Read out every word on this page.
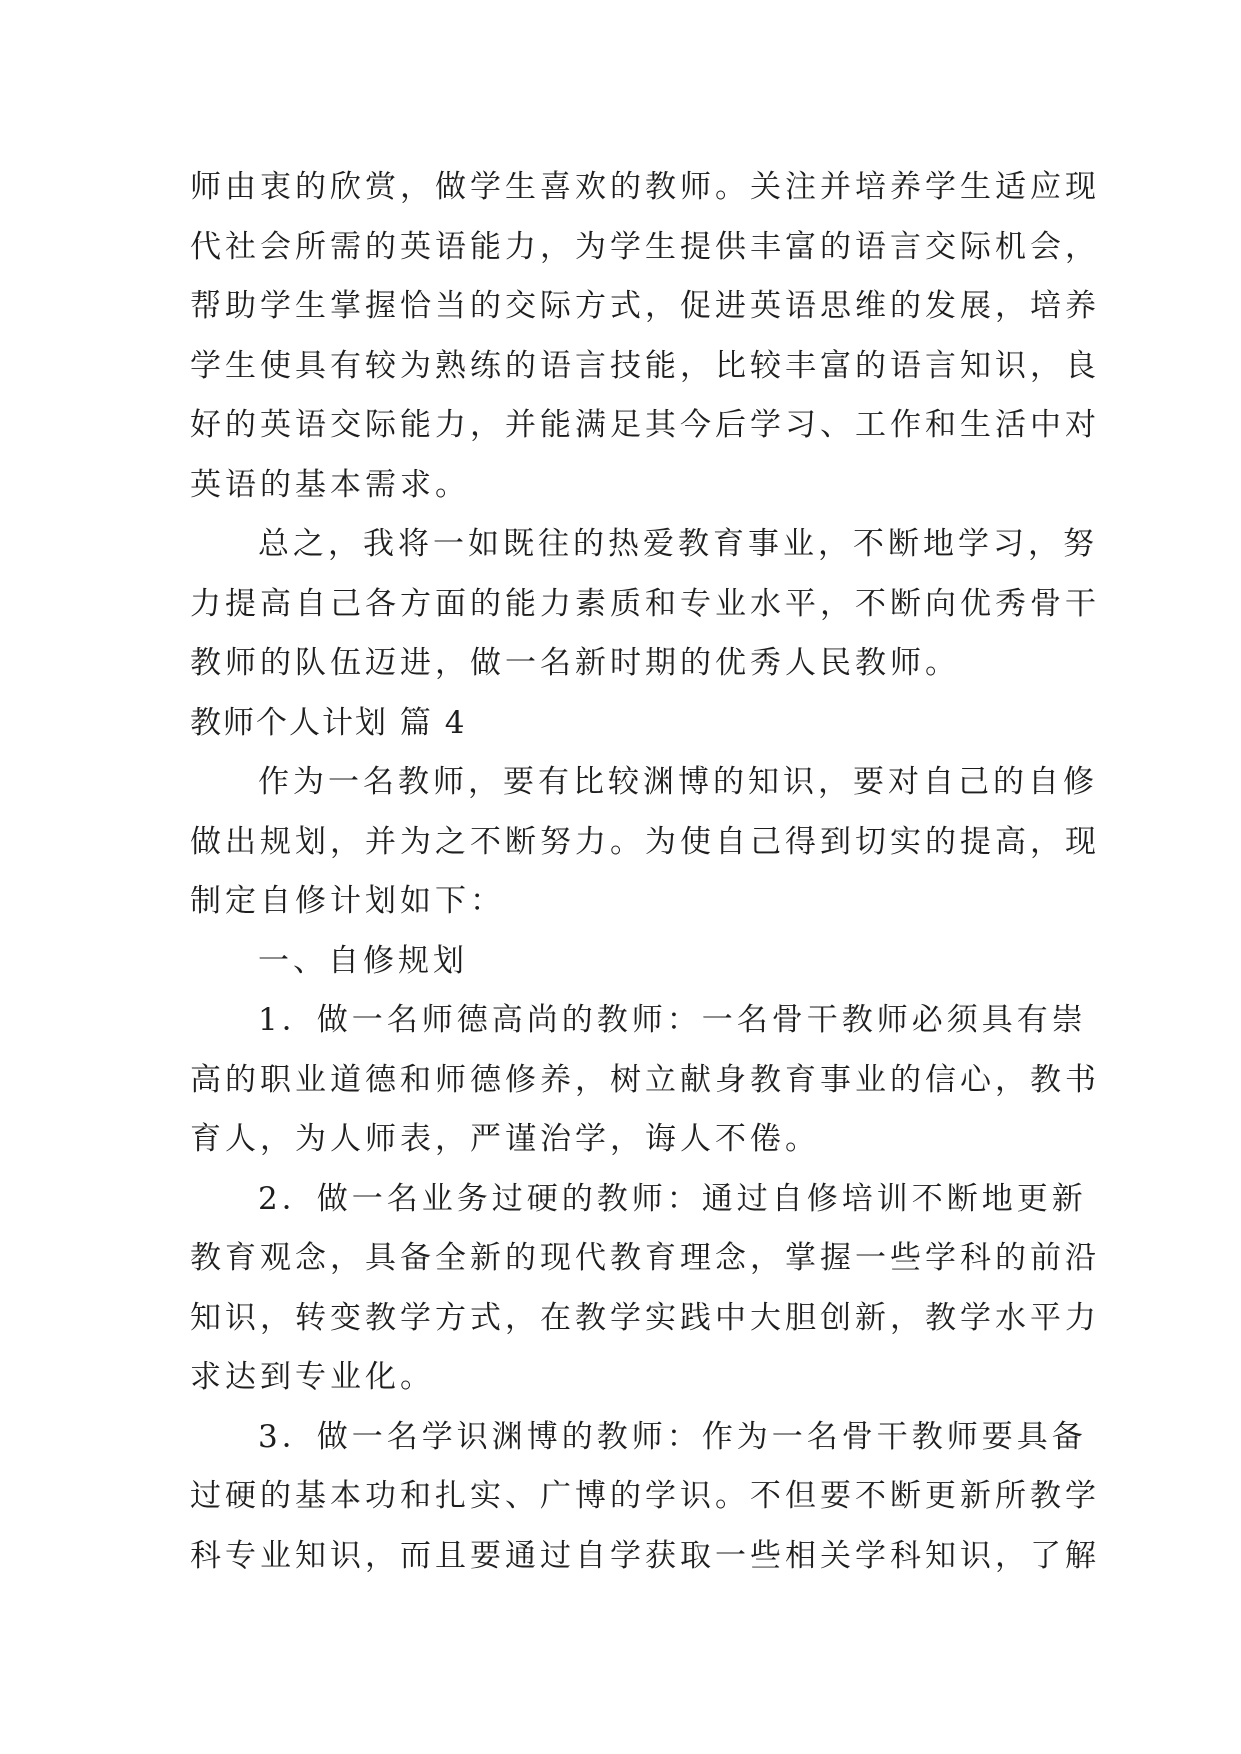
师由衷的欣赏，做学生喜欢的教师。关注并培养学生适应现
代社会所需的英语能力，为学生提供丰富的语言交际机会，
帮助学生掌握恰当的交际方式，促进英语思维的发展，培养
学生使具有较为熟练的语言技能，比较丰富的语言知识，良
好的英语交际能力，并能满足其今后学习、工作和生活中对
英语的基本需求。
总之，我将一如既往的热爱教育事业，不断地学习，努
力提高自己各方面的能力素质和专业水平，不断向优秀骨干
教师的队伍迈进，做一名新时期的优秀人民教师。
教师个人计划 篇 4
作为一名教师，要有比较渊博的知识，要对自己的自修
做出规划，并为之不断努力。为使自己得到切实的提高，现
制定自修计划如下：
一、自修规划
1．做一名师德高尚的教师：一名骨干教师必须具有崇
高的职业道德和师德修养，树立献身教育事业的信心，教书
育人，为人师表，严谨治学，诲人不倦。
2．做一名业务过硬的教师：通过自修培训不断地更新
教育观念，具备全新的现代教育理念，掌握一些学科的前沿
知识，转变教学方式，在教学实践中大胆创新，教学水平力
求达到专业化。
3．做一名学识渊博的教师：作为一名骨干教师要具备
过硬的基本功和扎实、广博的学识。不但要不断更新所教学
科专业知识，而且要通过自学获取一些相关学科知识，了解
